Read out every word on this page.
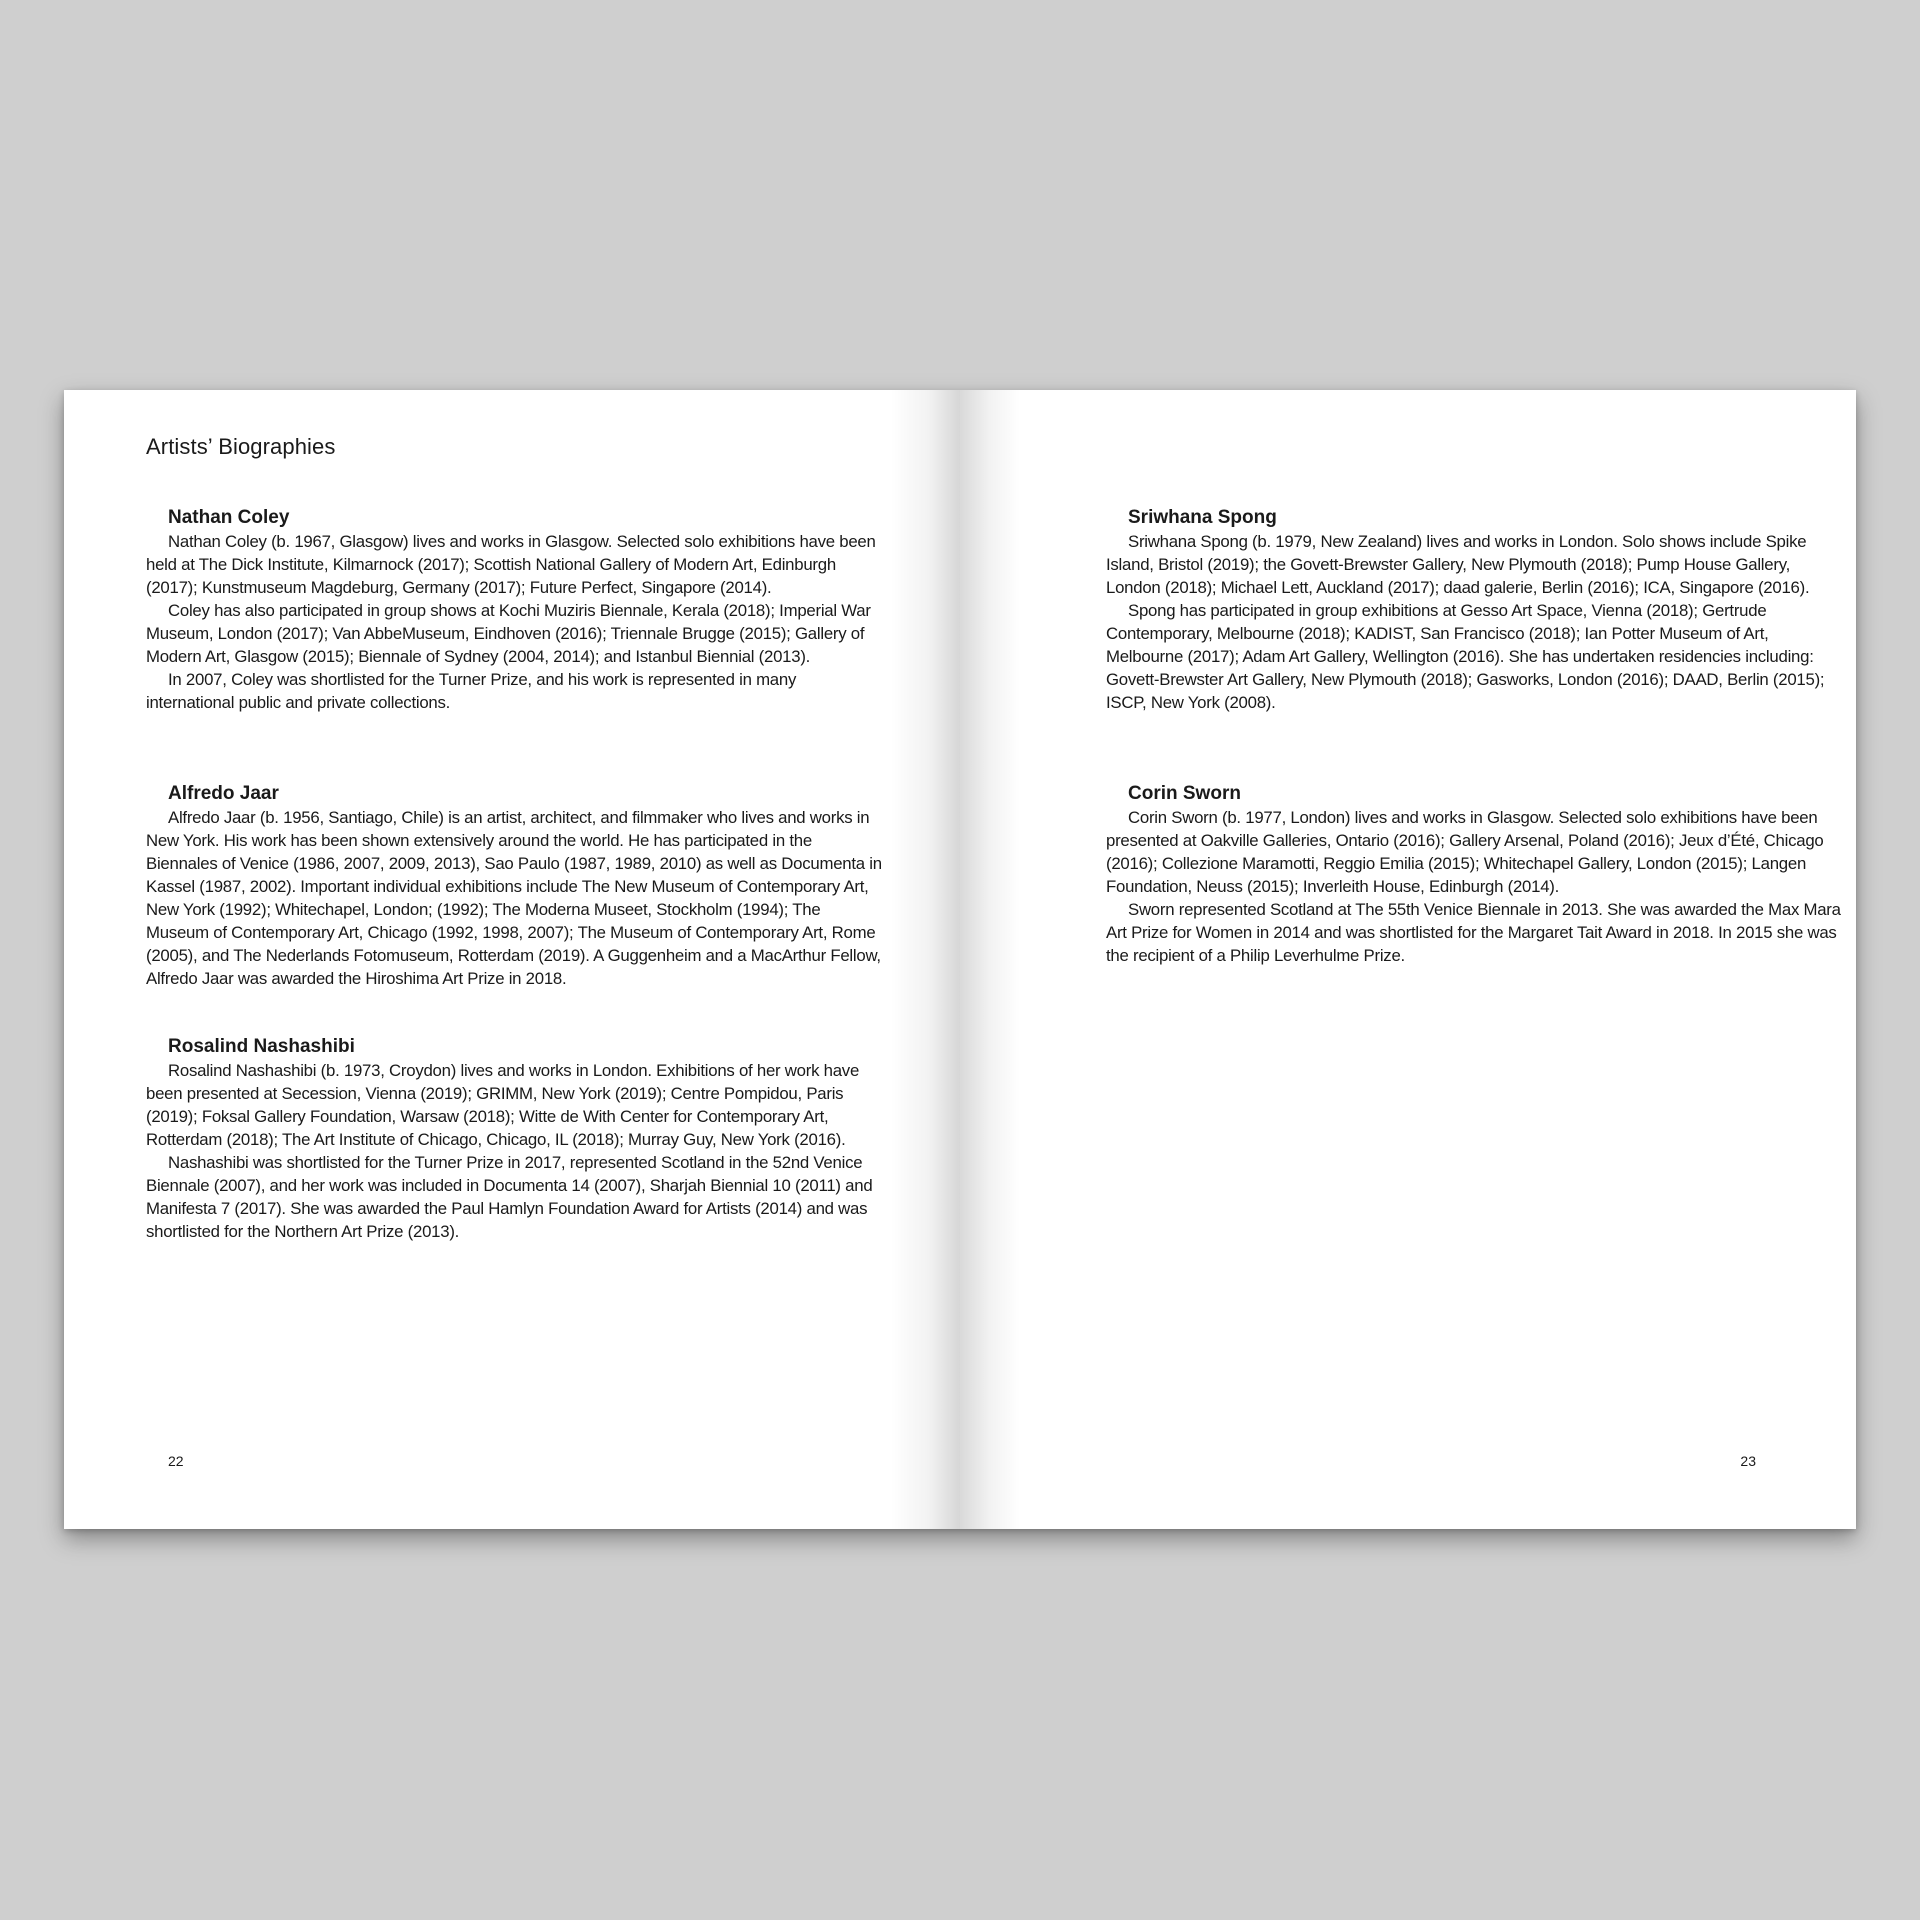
Artists’ Biographies
Nathan Coley

Nathan Coley (b. 1967, Glasgow) lives and works in Glasgow. Selected solo exhibitions have been held at The Dick Institute, Kilmarnock (2017); Scottish National Gallery of Modern Art, Edinburgh (2017); Kunstmuseum Magdeburg, Germany (2017); Future Perfect, Singapore (2014).

Coley has also participated in group shows at Kochi Muziris Biennale, Kerala (2018); Imperial War Museum, London (2017); Van AbbeMuseum, Eindhoven (2016); Triennale Brugge (2015); Gallery of Modern Art, Glasgow (2015); Biennale of Sydney (2004, 2014); and Istanbul Biennial (2013).

In 2007, Coley was shortlisted for the Turner Prize, and his work is represented in many international public and private collections.

Alfredo Jaar

Alfredo Jaar (b. 1956, Santiago, Chile) is an artist, architect, and filmmaker who lives and works in New York. His work has been shown extensively around the world. He has participated in the Biennales of Venice (1986, 2007, 2009, 2013), Sao Paulo (1987, 1989, 2010) as well as Documenta in Kassel (1987, 2002). Important individual exhibitions include The New Museum of Contemporary Art, New York (1992); Whitechapel, London; (1992); The Moderna Museet, Stockholm (1994); The Museum of Contemporary Art, Chicago (1992, 1998, 2007); The Museum of Contemporary Art, Rome (2005), and The Nederlands Fotomuseum, Rotterdam (2019). A Guggenheim and a MacArthur Fellow, Alfredo Jaar was awarded the Hiroshima Art Prize in 2018.

Rosalind Nashashibi

Rosalind Nashashibi (b. 1973, Croydon) lives and works in London. Exhibitions of her work have been presented at Secession, Vienna (2019); GRIMM, New York (2019); Centre Pompidou, Paris (2019); Foksal Gallery Foundation, Warsaw (2018); Witte de With Center for Contemporary Art, Rotterdam (2018); The Art Institute of Chicago, Chicago, IL (2018); Murray Guy, New York (2016).

Nashashibi was shortlisted for the Turner Prize in 2017, represented Scotland in the 52nd Venice Biennale (2007), and her work was included in Documenta 14 (2007), Sharjah Biennial 10 (2011) and Manifesta 7 (2017). She was awarded the Paul Hamlyn Foundation Award for Artists (2014) and was shortlisted for the Northern Art Prize (2013).

22
Sriwhana Spong

Sriwhana Spong (b. 1979, New Zealand) lives and works in London. Solo shows include Spike Island, Bristol (2019); the Govett-Brewster Gallery, New Plymouth (2018); Pump House Gallery, London (2018); Michael Lett, Auckland (2017); daad galerie, Berlin (2016); ICA, Singapore (2016).

Spong has participated in group exhibitions at Gesso Art Space, Vienna (2018); Gertrude Contemporary, Melbourne (2018); KADIST, San Francisco (2018); Ian Potter Museum of Art, Melbourne (2017); Adam Art Gallery, Wellington (2016). She has undertaken residencies including: Govett-Brewster Art Gallery, New Plymouth (2018); Gasworks, London (2016); DAAD, Berlin (2015); ISCP, New York (2008).

Corin Sworn

Corin Sworn (b. 1977, London) lives and works in Glasgow. Selected solo exhibitions have been presented at Oakville Galleries, Ontario (2016); Gallery Arsenal, Poland (2016); Jeux d’Été, Chicago (2016); Collezione Maramotti, Reggio Emilia (2015); Whitechapel Gallery, London (2015); Langen Foundation, Neuss (2015); Inverleith House, Edinburgh (2014).

Sworn represented Scotland at The 55th Venice Biennale in 2013. She was awarded the Max Mara Art Prize for Women in 2014 and was shortlisted for the Margaret Tait Award in 2018. In 2015 she was the recipient of a Philip Leverhulme Prize.

23
